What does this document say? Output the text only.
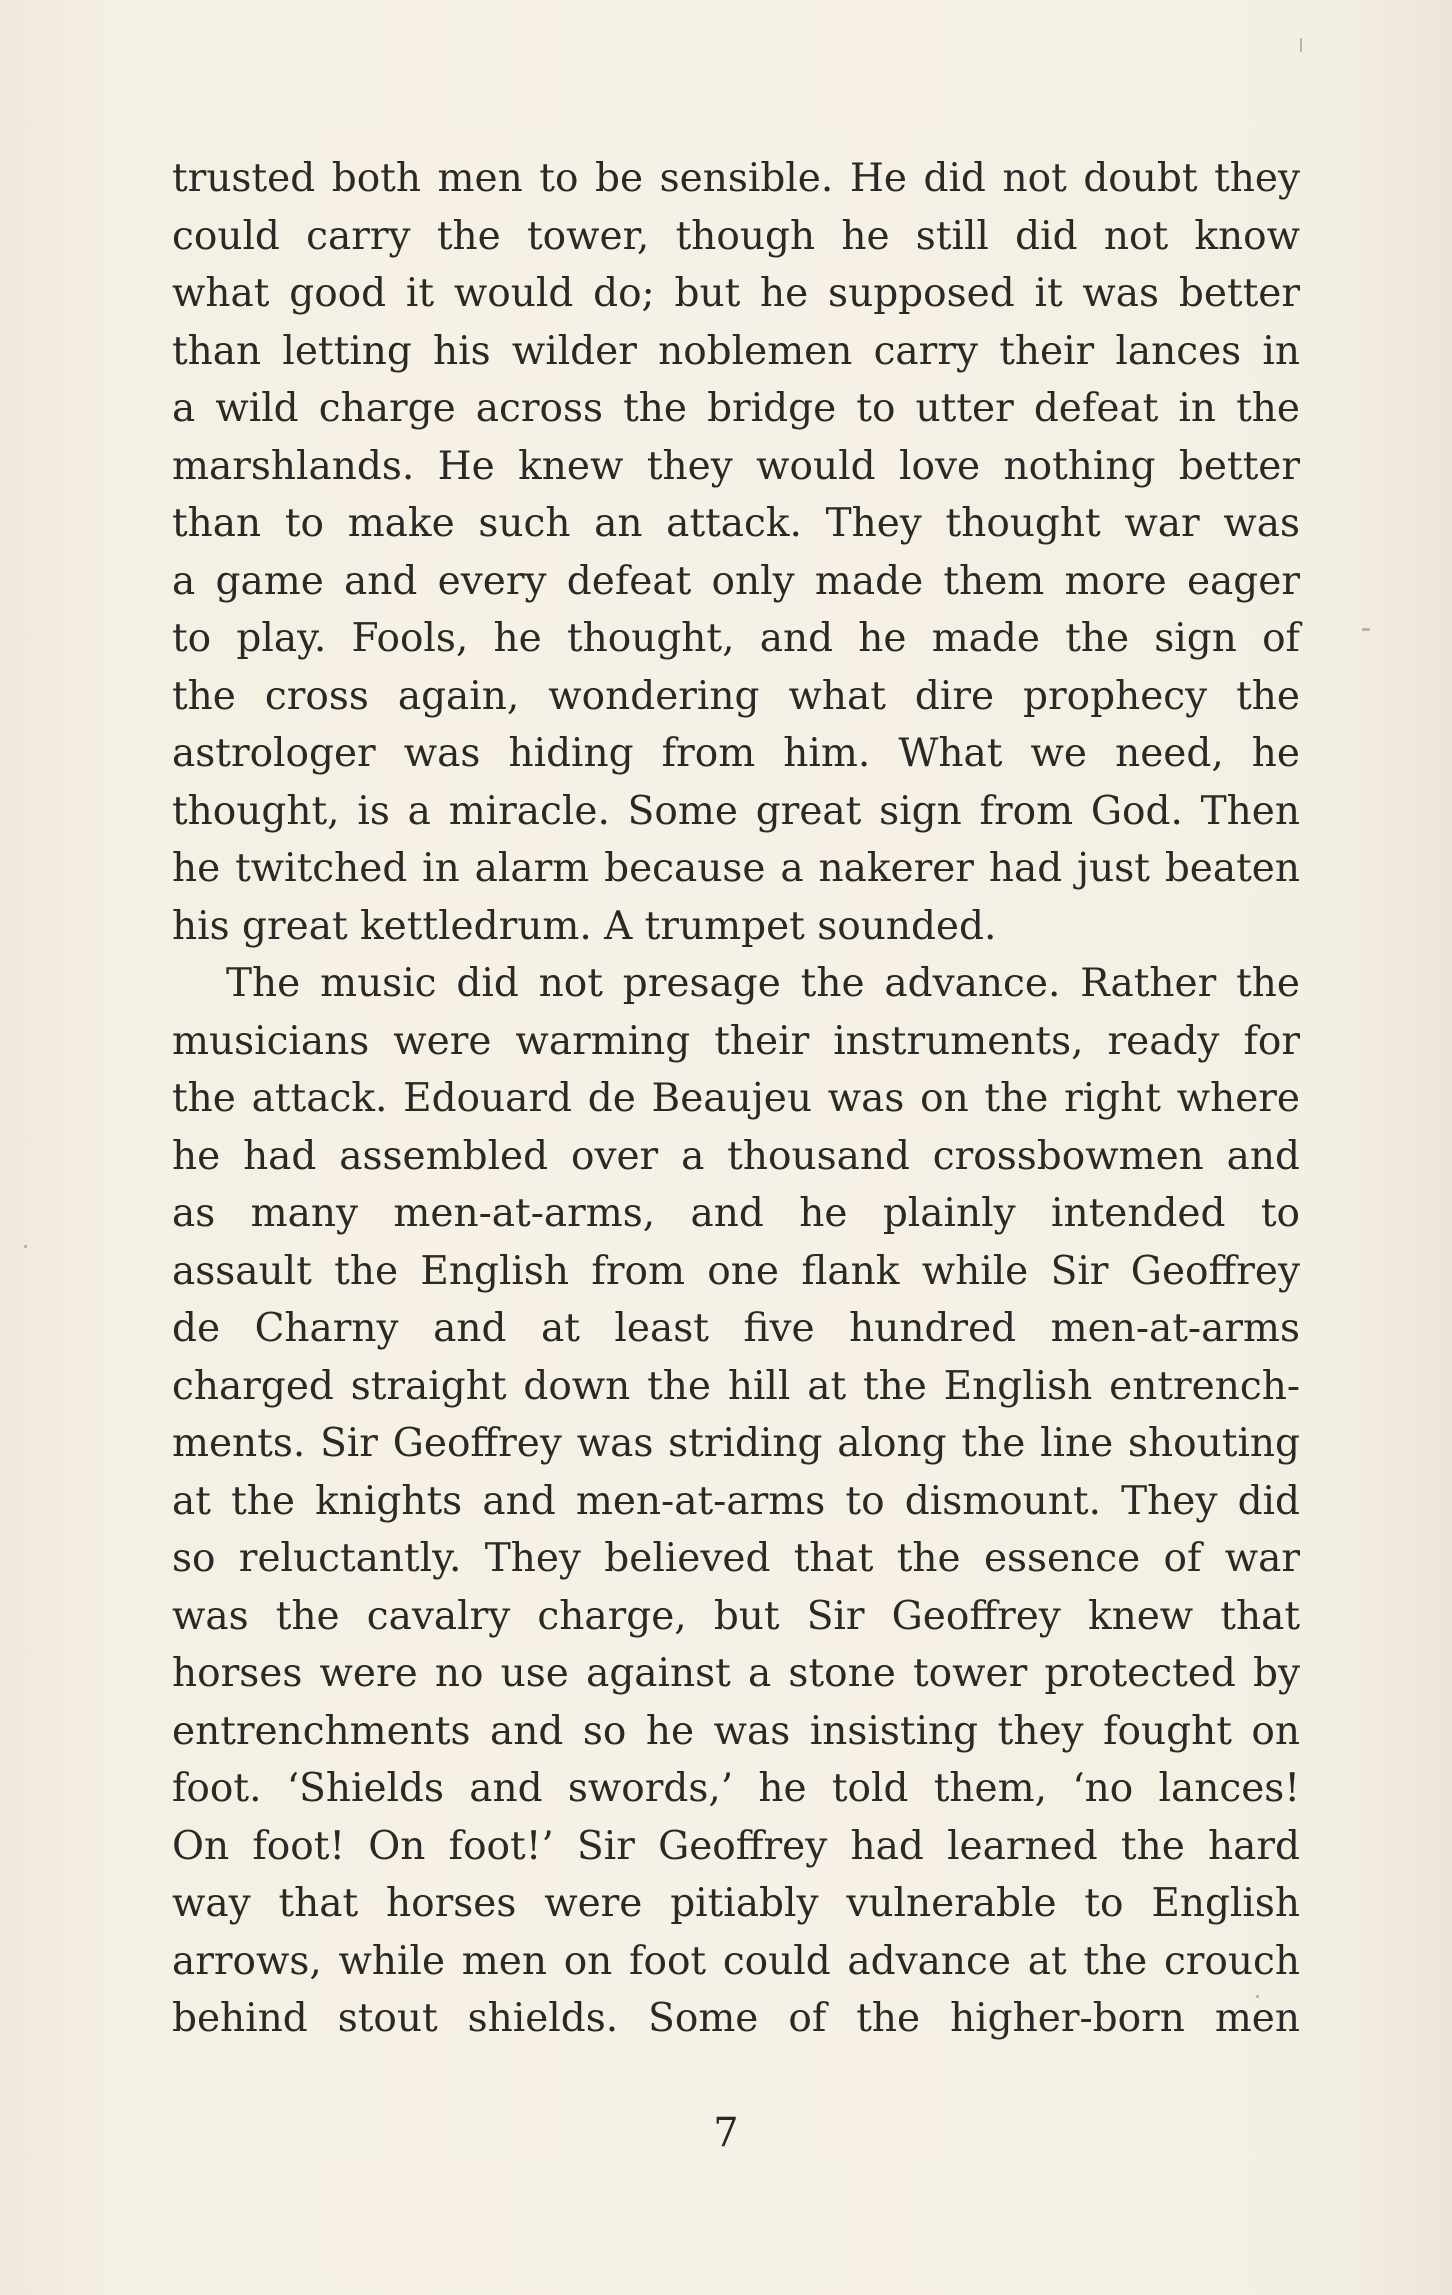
trusted both men to be sensible. He did not doubt they
could carry the tower, though he still did not know
what good it would do; but he supposed it was better
than letting his wilder noblemen carry their lances in
a wild charge across the bridge to utter defeat in the
marshlands. He knew they would love nothing better
than to make such an attack. They thought war was
a game and every defeat only made them more eager
to play. Fools, he thought, and he made the sign of
the cross again, wondering what dire prophecy the
astrologer was hiding from him. What we need, he
thought, is a miracle. Some great sign from God. Then
he twitched in alarm because a nakerer had just beaten
his great kettledrum. A trumpet sounded.
The music did not presage the advance. Rather the
musicians were warming their instruments, ready for
the attack. Edouard de Beaujeu was on the right where
he had assembled over a thousand crossbowmen and
as many men-at-arms, and he plainly intended to
assault the English from one flank while Sir Geoffrey
de Charny and at least five hundred men-at-arms
charged straight down the hill at the English entrench-
ments. Sir Geoffrey was striding along the line shouting
at the knights and men-at-arms to dismount. They did
so reluctantly. They believed that the essence of war
was the cavalry charge, but Sir Geoffrey knew that
horses were no use against a stone tower protected by
entrenchments and so he was insisting they fought on
foot. ‘Shields and swords,’ he told them, ‘no lances!
On foot! On foot!’ Sir Geoffrey had learned the hard
way that horses were pitiably vulnerable to English
arrows, while men on foot could advance at the crouch
behind stout shields. Some of the higher-born men
7
